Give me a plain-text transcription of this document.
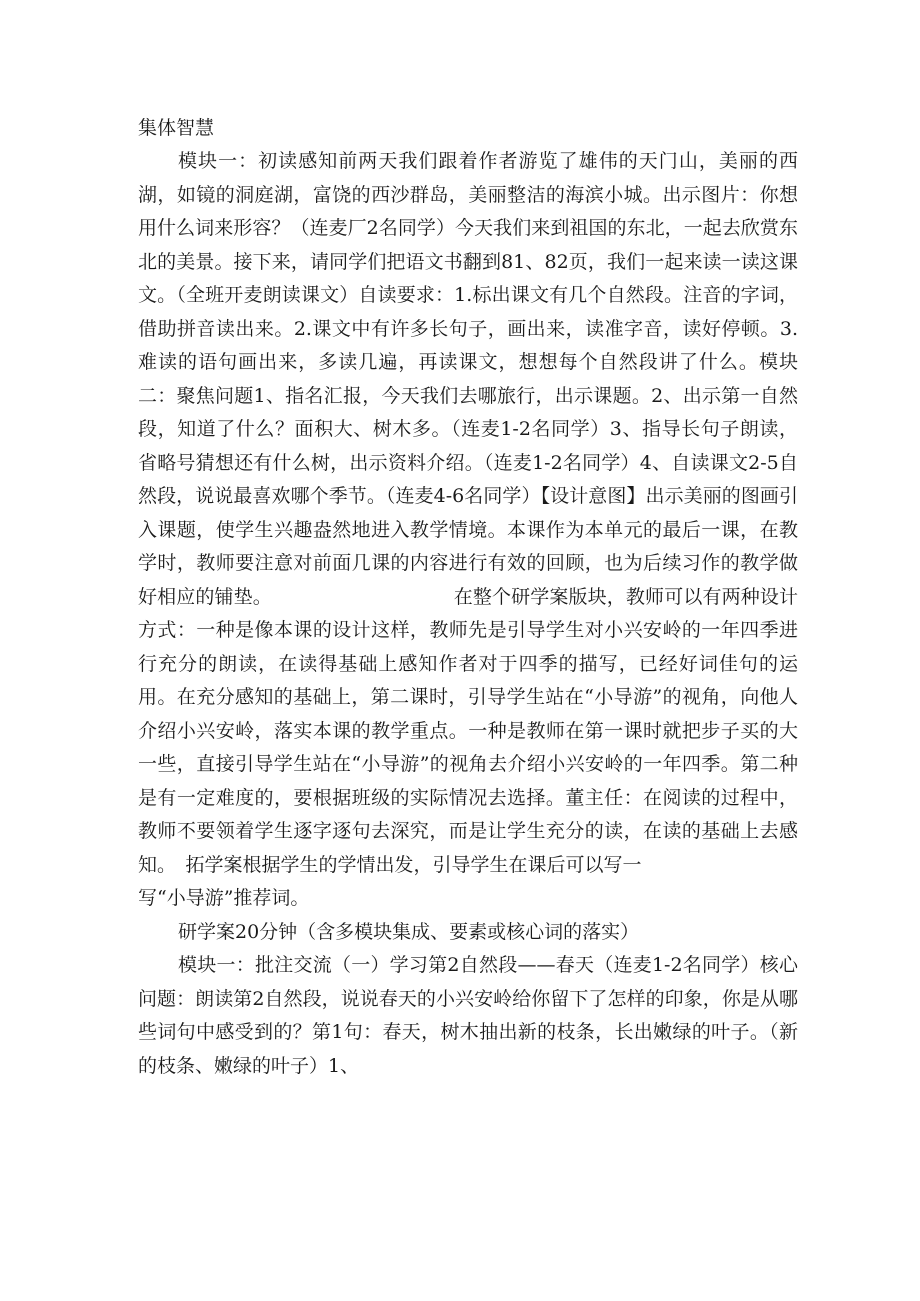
集体智慧

模块一：初读感知前两天我们跟着作者游览了雄伟的天门山，美丽的西湖，如镜的洞庭湖，富饶的西沙群岛，美丽整洁的海滨小城。出示图片：你想用什么词来形容？（连麦厂2名同学）今天我们来到祖国的东北，一起去欣赏东北的美景。接下来，请同学们把语文书翻到81、82页，我们一起来读一读这课文。（全班开麦朗读课文）自读要求：1.标出课文有几个自然段。注音的字词，借助拼音读出来。2.课文中有许多长句子，画出来，读准字音，读好停顿。3.难读的语句画出来，多读几遍，再读课文，想想每个自然段讲了什么。模块二：聚焦问题1、指名汇报，今天我们去哪旅行，出示课题。2、出示第一自然段，知道了什么？面积大、树木多。（连麦1-2名同学）3、指导长句子朗读，省略号猜想还有什么树，出示资料介绍。（连麦1-2名同学）4、自读课文2-5自然段，说说最喜欢哪个季节。（连麦4-6名同学）【设计意图】出示美丽的图画引入课题，使学生兴趣盎然地进入教学情境。本课作为本单元的最后一课，在教学时，教师要注意对前面几课的内容进行有效的回顾，也为后续习作的教学做好相应的铺垫。　　　　　　　　　　在整个研学案版块，教师可以有两种设计方式：一种是像本课的设计这样，教师先是引导学生对小兴安岭的一年四季进行充分的朗读，在读得基础上感知作者对于四季的描写，已经好词佳句的运用。在充分感知的基础上，第二课时，引导学生站在“小导游”的视角，向他人介绍小兴安岭，落实本课的教学重点。一种是教师在第一课时就把步子买的大一些，直接引导学生站在“小导游”的视角去介绍小兴安岭的一年四季。第二种是有一定难度的，要根据班级的实际情况去选择。董主任：在阅读的过程中，教师不要领着学生逐字逐句去深究，而是让学生充分的读，在读的基础上去感知。　拓学案根据学生的学情出发，引导学生在课后可以写一

写“小导游”推荐词。

研学案20分钟（含多模块集成、要素或核心词的落实）

模块一：批注交流（一）学习第2自然段——春天（连麦1-2名同学）核心问题：朗读第2自然段，说说春天的小兴安岭给你留下了怎样的印象，你是从哪些词句中感受到的？第1句：春天，树木抽出新的枝条，长出嫩绿的叶子。（新的枝条、嫩绿的叶子）1、
